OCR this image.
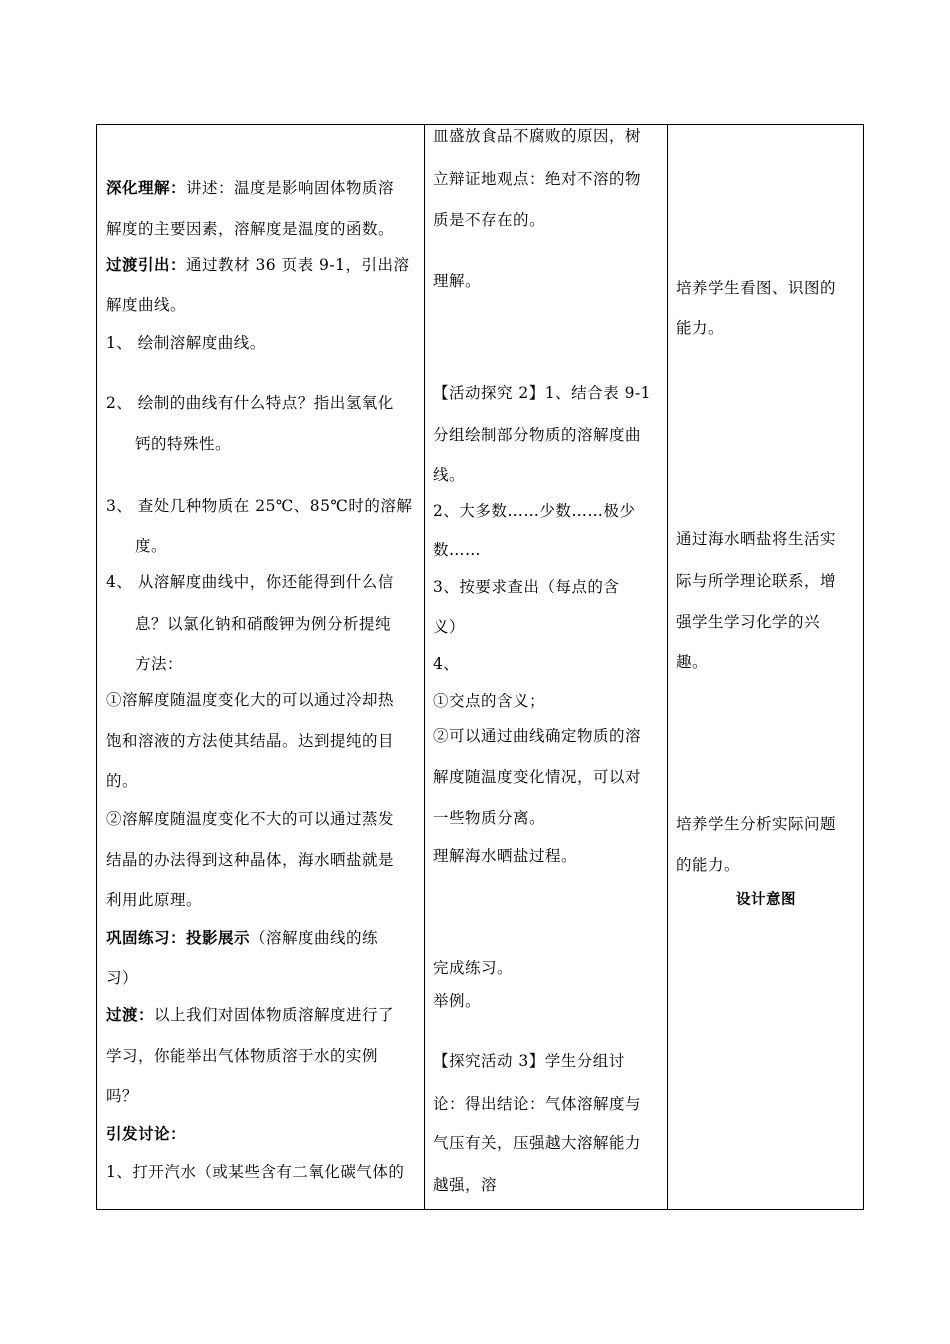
深化理解：讲述：温度是影响固体物质溶
解度的主要因素，溶解度是温度的函数。
过渡引出：通过教材 36 页表 9-1，引出溶
解度曲线。
1、 绘制溶解度曲线。
2、 绘制的曲线有什么特点？指出氢氧化
钙的特殊性。
3、 查处几种物质在 25℃、85℃时的溶解
度。
4、 从溶解度曲线中，你还能得到什么信
息？以氯化钠和硝酸钾为例分析提纯
方法：
①溶解度随温度变化大的可以通过冷却热
饱和溶液的方法使其结晶。达到提纯的目
的。
②溶解度随温度变化不大的可以通过蒸发
结晶的办法得到这种晶体，海水晒盐就是
利用此原理。
巩固练习：投影展示（溶解度曲线的练
习）
过渡：以上我们对固体物质溶解度进行了
学习，你能举出气体物质溶于水的实例
吗？
引发讨论：
1、打开汽水（或某些含有二氧化碳气体的
皿盛放食品不腐败的原因，树
立辩证地观点：绝对不溶的物
质是不存在的。
理解。
【活动探究 2】1、结合表 9-1
分组绘制部分物质的溶解度曲
线。
2、大多数……少数……极少
数……
3、按要求查出（每点的含
义）
4、
①交点的含义；
②可以通过曲线确定物质的溶
解度随温度变化情况，可以对
一些物质分离。
理解海水晒盐过程。
完成练习。
举例。
【探究活动 3】学生分组讨
论：得出结论：气体溶解度与
气压有关，压强越大溶解能力
越强，溶
培养学生看图、识图的
能力。
通过海水晒盐将生活实
际与所学理论联系，增
强学生学习化学的兴
趣。
培养学生分析实际问题
的能力。
设计意图
